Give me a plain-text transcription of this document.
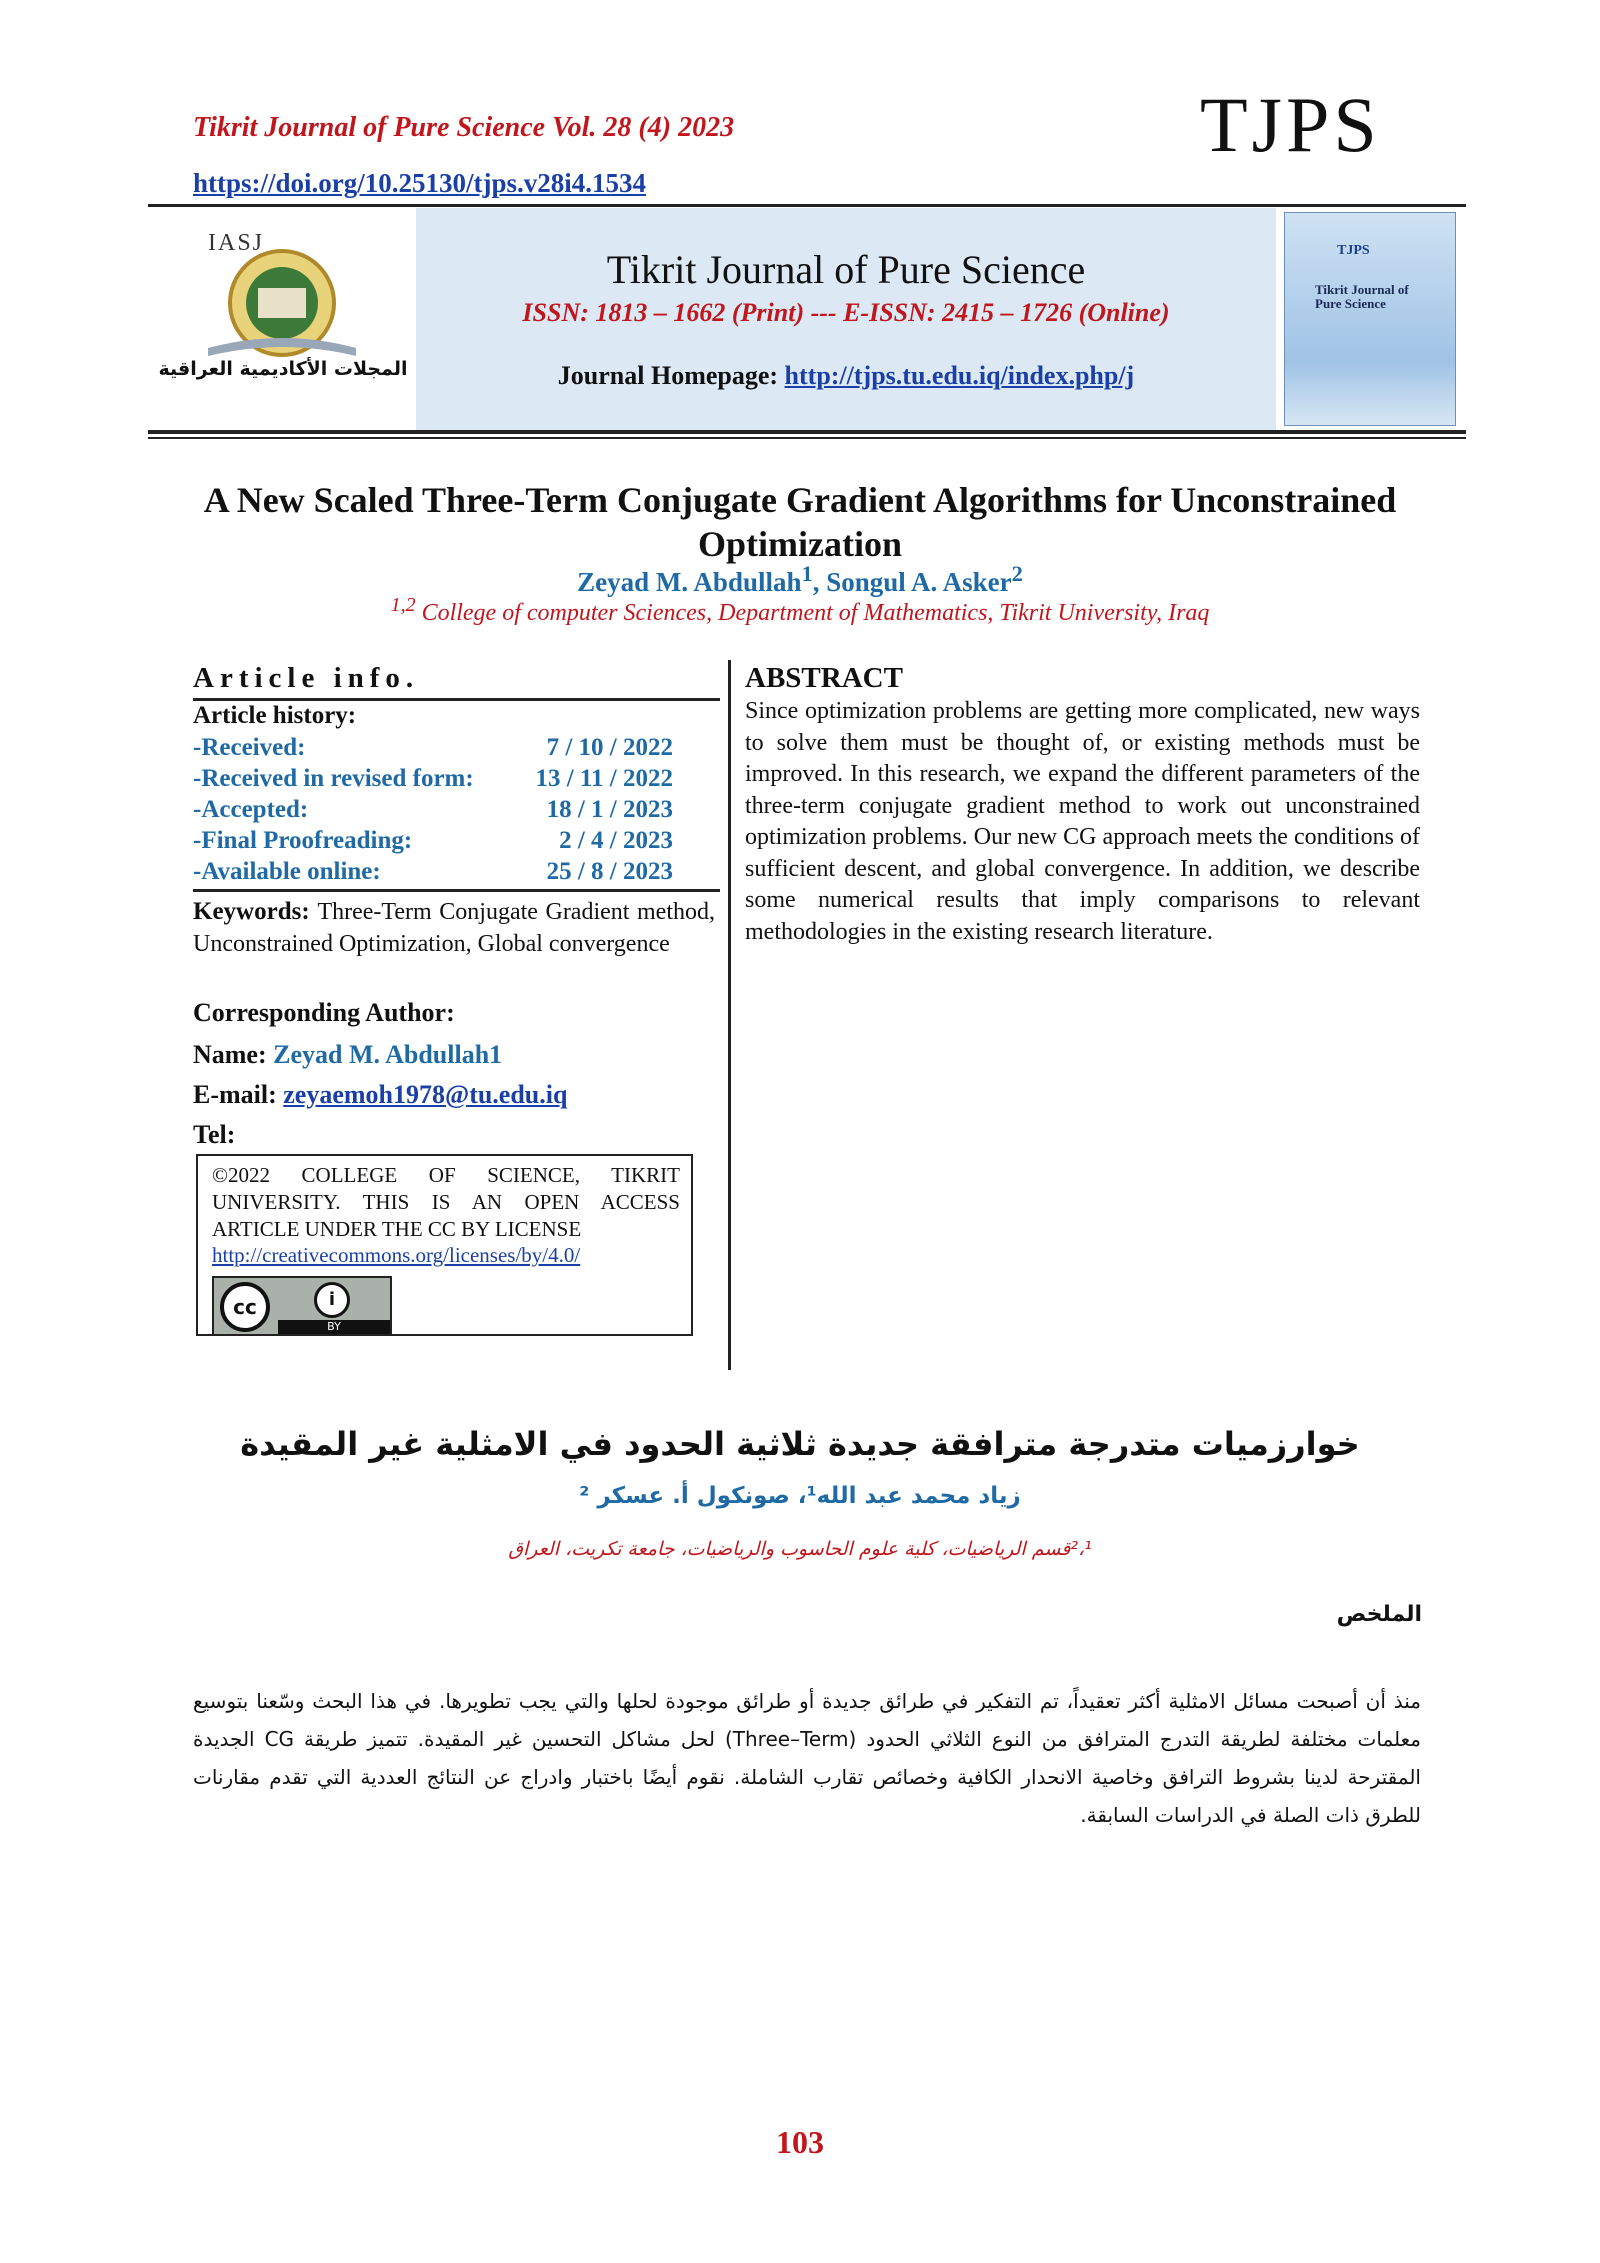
Tikrit Journal of Pure Science Vol. 28 (4) 2023
https://doi.org/10.25130/tjps.v28i4.1534
TJPS
IASJ
المجلات الأكاديمية العراقية
Tikrit Journal of Pure Science
ISSN: 1813 – 1662 (Print) --- E-ISSN: 2415 – 1726 (Online)
Journal Homepage: http://tjps.tu.edu.iq/index.php/j
TJPS
Tikrit Journal of Pure Science
A New Scaled Three-Term Conjugate Gradient Algorithms for Unconstrained Optimization
Zeyad M. Abdullah$^1$, Songul A. Asker$^2$
$^{1,2}$ College of computer Sciences, Department of Mathematics, Tikrit University, Iraq
Article info.
Article history:
-Received:	7 / 10 / 2022
-Received in revised form: 13 / 11 / 2022
-Accepted:	18 / 1 / 2023
-Final Proofreading:	2 / 4 / 2023
-Available online:	25 / 8 / 2023
Keywords: Three-Term Conjugate Gradient method, Unconstrained Optimization, Global convergence
Corresponding Author:
Name: Zeyad M. Abdullah1
E-mail: zeyaemoh1978@tu.edu.iq
Tel:
©2022 COLLEGE OF SCIENCE, TIKRIT UNIVERSITY. THIS IS AN OPEN ACCESS ARTICLE UNDER THE CC BY LICENSE
http://creativecommons.org/licenses/by/4.0/
cc	i
BY
ABSTRACT
Since optimization problems are getting more complicated, new ways to solve them must be thought of, or existing methods must be improved. In this research, we expand the different parameters of the three-term conjugate gradient method to work out unconstrained optimization problems. Our new CG approach meets the conditions of sufficient descent, and global convergence. In addition, we describe some numerical results that imply comparisons to relevant methodologies in the existing research literature.
خوارزميات متدرجة مترافقة جديدة ثلاثية الحدود في الامثلية غير المقيدة
زياد محمد عبد الله¹، صونكول أ. عسكر ²
²،¹قسم الرياضيات، كلية علوم الحاسوب والرياضيات، جامعة تكريت، العراق
الملخص
منذ أن أصبحت مسائل الامثلية أكثر تعقيداً، تم التفكير في طرائق جديدة أو طرائق موجودة لحلها والتي يجب تطويرها. في هذا البحث وسّعنا بتوسيع معلمات مختلفة لطريقة التدرج المترافق من النوع الثلاثي الحدود (Three–Term) لحل مشاكل التحسين غير المقيدة. تتميز طريقة CG الجديدة المقترحة لدينا بشروط الترافق وخاصية الانحدار الكافية وخصائص تقارب الشاملة. نقوم أيضًا باختبار وادراج عن النتائج العددية التي تقدم مقارنات للطرق ذات الصلة في الدراسات السابقة.
103
